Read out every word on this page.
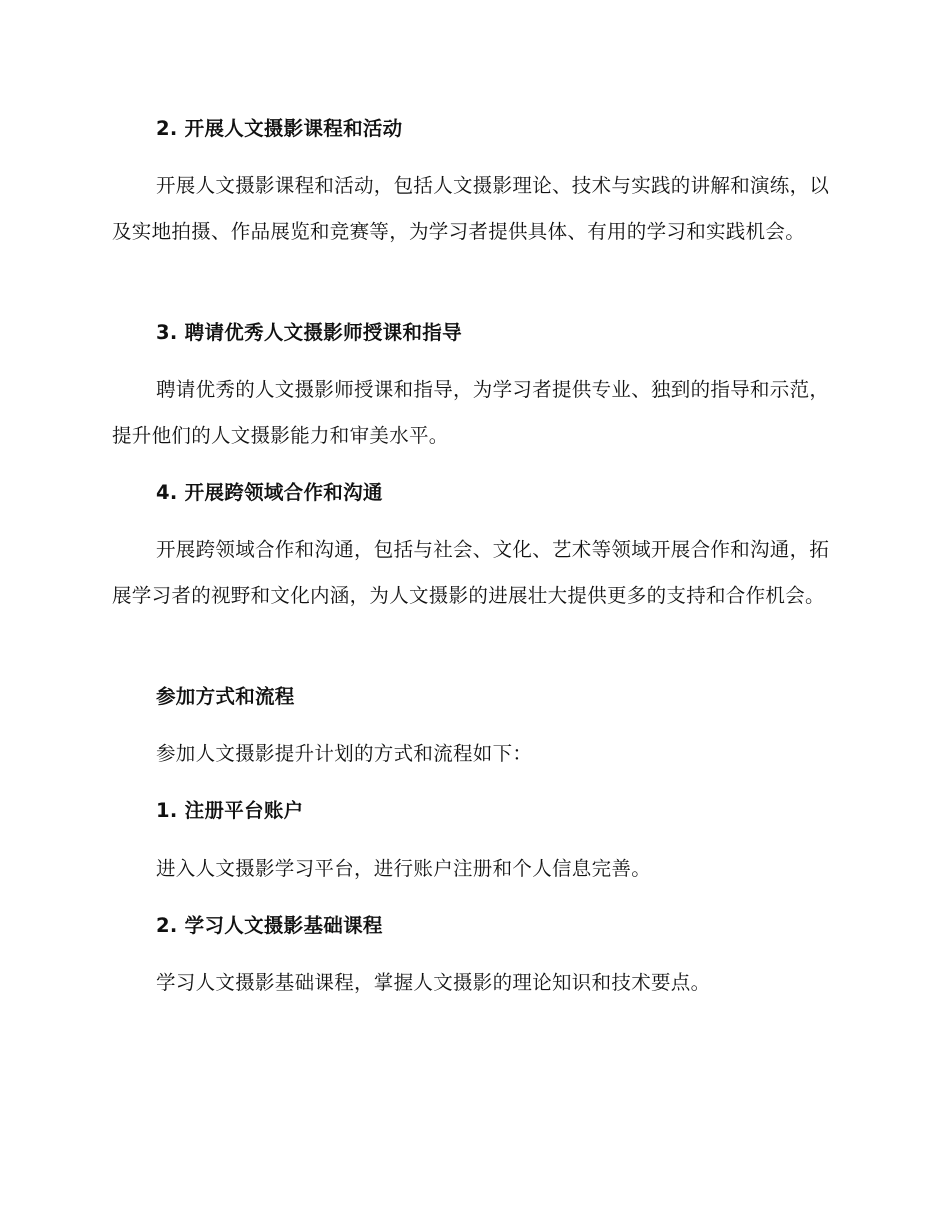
2. 开展人文摄影课程和活动

开展人文摄影课程和活动，包括人文摄影理论、技术与实践的讲解和演练，以及实地拍摄、作品展览和竞赛等，为学习者提供具体、有用的学习和实践机会。

3. 聘请优秀人文摄影师授课和指导

聘请优秀的人文摄影师授课和指导，为学习者提供专业、独到的指导和示范，提升他们的人文摄影能力和审美水平。

4. 开展跨领域合作和沟通

开展跨领域合作和沟通，包括与社会、文化、艺术等领域开展合作和沟通，拓展学习者的视野和文化内涵，为人文摄影的进展壮大提供更多的支持和合作机会。

参加方式和流程

参加人文摄影提升计划的方式和流程如下：

1. 注册平台账户

进入人文摄影学习平台，进行账户注册和个人信息完善。

2. 学习人文摄影基础课程

学习人文摄影基础课程，掌握人文摄影的理论知识和技术要点。
